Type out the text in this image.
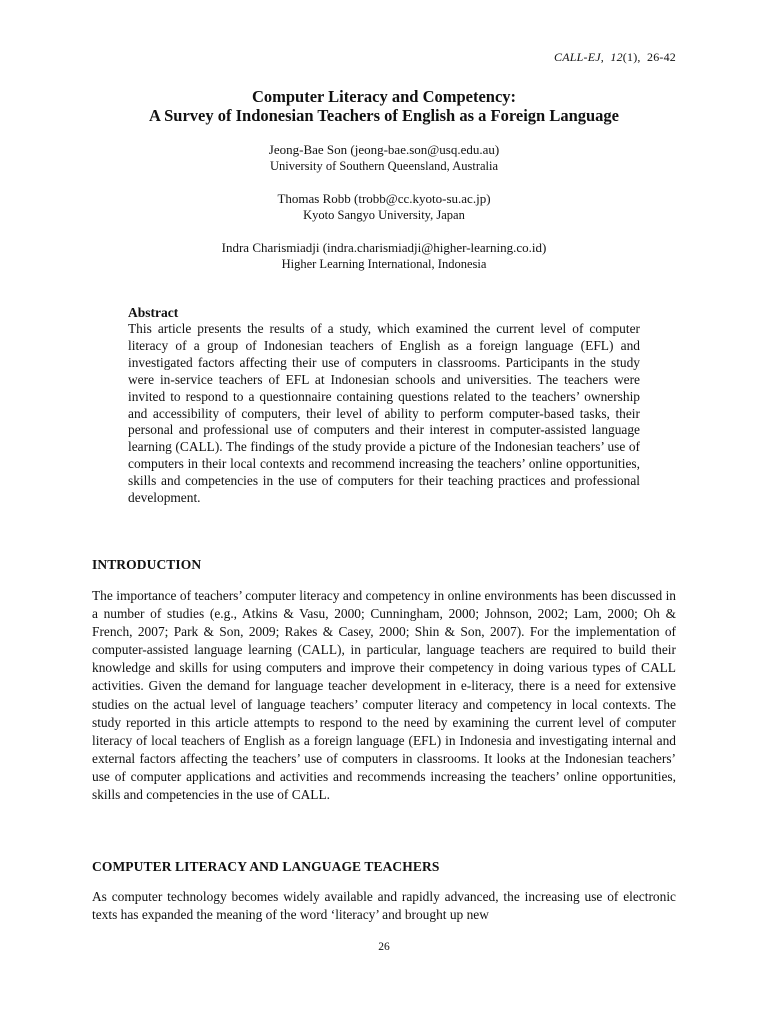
CALL-EJ, 12(1), 26-42
Computer Literacy and Competency:
A Survey of Indonesian Teachers of English as a Foreign Language
Jeong-Bae Son (jeong-bae.son@usq.edu.au)
University of Southern Queensland, Australia
Thomas Robb (trobb@cc.kyoto-su.ac.jp)
Kyoto Sangyo University, Japan
Indra Charismiadji (indra.charismiadji@higher-learning.co.id)
Higher Learning International, Indonesia
Abstract

This article presents the results of a study, which examined the current level of computer literacy of a group of Indonesian teachers of English as a foreign language (EFL) and investigated factors affecting their use of computers in classrooms. Participants in the study were in-service teachers of EFL at Indonesian schools and universities. The teachers were invited to respond to a questionnaire containing questions related to the teachers’ ownership and accessibility of computers, their level of ability to perform computer-based tasks, their personal and professional use of computers and their interest in computer-assisted language learning (CALL). The findings of the study provide a picture of the Indonesian teachers’ use of computers in their local contexts and recommend increasing the teachers’ online opportunities, skills and competencies in the use of computers for their teaching practices and professional development.

INTRODUCTION

The importance of teachers’ computer literacy and competency in online environments has been discussed in a number of studies (e.g., Atkins & Vasu, 2000; Cunningham, 2000; Johnson, 2002; Lam, 2000; Oh & French, 2007; Park & Son, 2009; Rakes & Casey, 2000; Shin & Son, 2007). For the implementation of computer-assisted language learning (CALL), in particular, language teachers are required to build their knowledge and skills for using computers and improve their competency in doing various types of CALL activities. Given the demand for language teacher development in e-literacy, there is a need for extensive studies on the actual level of language teachers’ computer literacy and competency in local contexts. The study reported in this article attempts to respond to the need by examining the current level of computer literacy of local teachers of English as a foreign language (EFL) in Indonesia and investigating internal and external factors affecting the teachers’ use of computers in classrooms. It looks at the Indonesian teachers’ use of computer applications and activities and recommends increasing the teachers’ online opportunities, skills and competencies in the use of CALL.

COMPUTER LITERACY AND LANGUAGE TEACHERS

As computer technology becomes widely available and rapidly advanced, the increasing use of electronic texts has expanded the meaning of the word ‘literacy’ and brought up new

26
